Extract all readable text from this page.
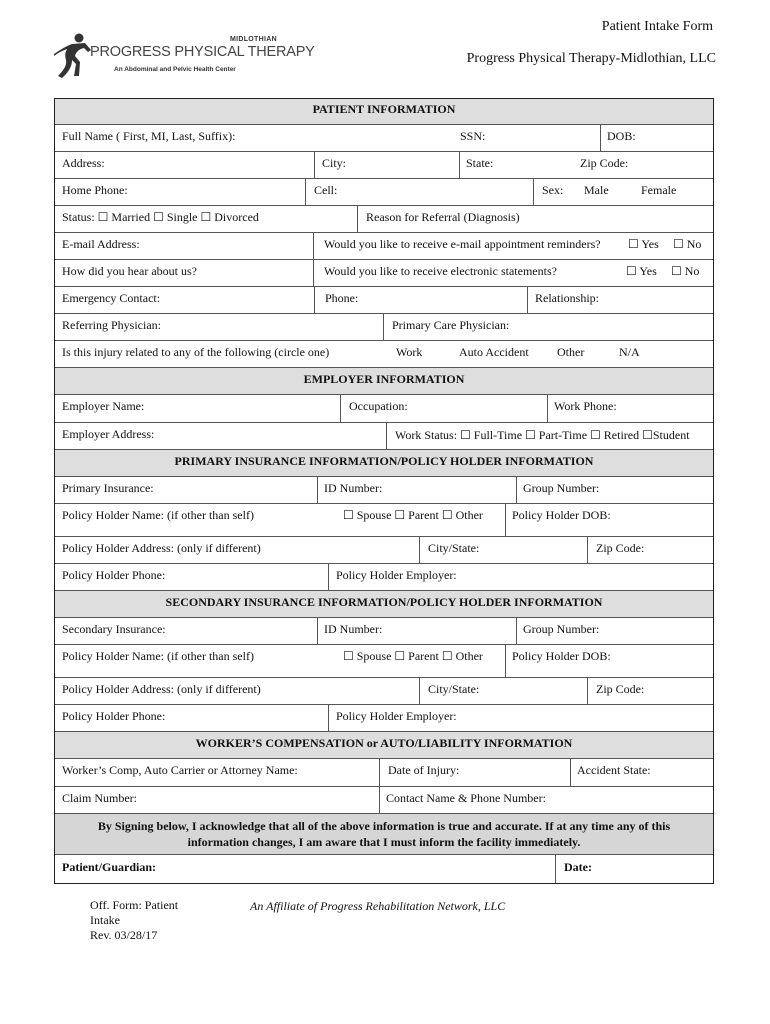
MIDLOTHIAN
PROGRESS PHYSICAL THERAPY
An Abdominal and Pelvic Health Center
Patient Intake Form
Progress Physical Therapy-Midlothian, LLC
PATIENT INFORMATION
Full Name ( First, MI, Last, Suffix):	SSN:	DOB:
Address:	City:	State:	Zip Code:
Home Phone:	Cell:	Sex: Male	Female
Status: ☐ Married ☐ Single ☐ Divorced	Reason for Referral (Diagnosis)
E-mail Address:	Would you like to receive e-mail appointment reminders? ☐ Yes ☐ No
How did you hear about us?	Would you like to receive electronic statements?	☐ Yes ☐ No
Emergency Contact:	Phone:	Relationship:
Referring Physician:	Primary Care Physician:
Is this injury related to any of the following (circle one)	Work	Auto Accident Other	N/A
EMPLOYER INFORMATION
Employer Name:	Occupation:	Work Phone:
Employer Address:	Work Status: ☐ Full-Time ☐ Part-Time ☐ Retired ☐Student
PRIMARY INSURANCE INFORMATION/POLICY HOLDER INFORMATION
Primary Insurance:	ID Number:	Group Number:
Policy Holder Name: (if other than self)	☐ Spouse ☐ Parent ☐ Other Policy Holder DOB:
Policy Holder Address: (only if different)	City/State:	Zip Code:
Policy Holder Phone:	Policy Holder Employer:
SECONDARY INSURANCE INFORMATION/POLICY HOLDER INFORMATION
Secondary Insurance:	ID Number:	Group Number:
Policy Holder Name: (if other than self)	☐ Spouse ☐ Parent ☐ Other Policy Holder DOB:
Policy Holder Address: (only if different)	City/State:	Zip Code:
Policy Holder Phone:	Policy Holder Employer:
WORKER’S COMPENSATION or AUTO/LIABILITY INFORMATION
Worker’s Comp, Auto Carrier or Attorney Name:	Date of Injury:	Accident State:
Claim Number:	Contact Name & Phone Number:
By Signing below, I acknowledge that all of the above information is true and accurate. If at any time any of this
information changes, I am aware that I must inform the facility immediately.
Patient/Guardian:	Date:
Off. Form: Patient
Intake
Rev. 03/28/17
An Affiliate of Progress Rehabilitation Network, LLC
